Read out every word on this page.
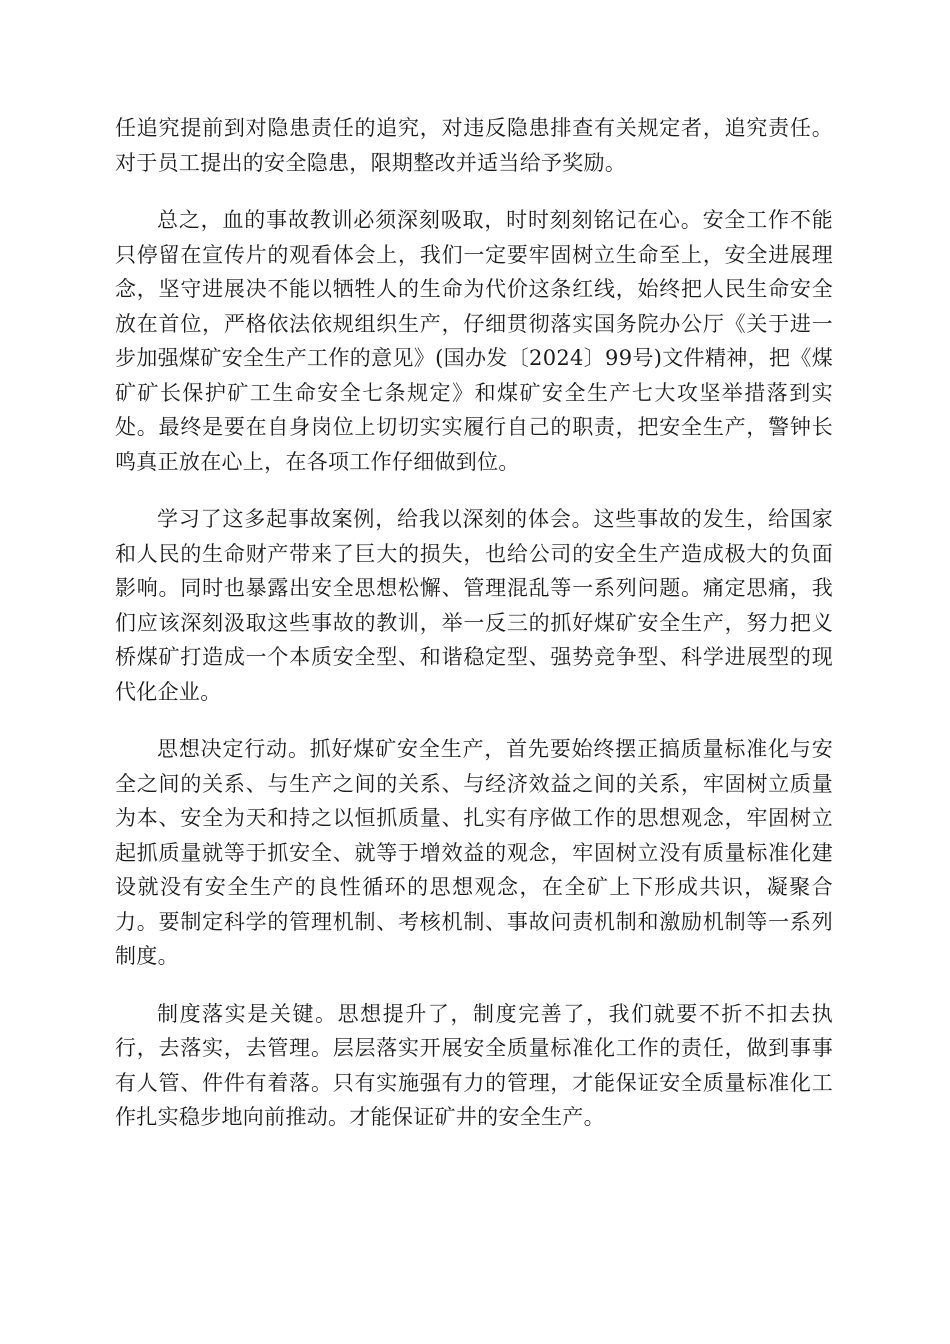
任追究提前到对隐患责任的追究，对违反隐患排查有关规定者，追究责任。对于员工提出的安全隐患，限期整改并适当给予奖励。

总之，血的事故教训必须深刻吸取，时时刻刻铭记在心。安全工作不能只停留在宣传片的观看体会上，我们一定要牢固树立生命至上，安全进展理念，坚守进展决不能以牺牲人的生命为代价这条红线，始终把人民生命安全放在首位，严格依法依规组织生产，仔细贯彻落实国务院办公厅《关于进一步加强煤矿安全生产工作的意见》(国办发〔2024〕99号)文件精神，把《煤矿矿长保护矿工生命安全七条规定》和煤矿安全生产七大攻坚举措落到实处。最终是要在自身岗位上切切实实履行自己的职责，把安全生产，警钟长鸣真正放在心上，在各项工作仔细做到位。

学习了这多起事故案例，给我以深刻的体会。这些事故的发生，给国家和人民的生命财产带来了巨大的损失，也给公司的安全生产造成极大的负面影响。同时也暴露出安全思想松懈、管理混乱等一系列问题。痛定思痛，我们应该深刻汲取这些事故的教训，举一反三的抓好煤矿安全生产，努力把义桥煤矿打造成一个本质安全型、和谐稳定型、强势竞争型、科学进展型的现代化企业。

思想决定行动。抓好煤矿安全生产，首先要始终摆正搞质量标准化与安全之间的关系、与生产之间的关系、与经济效益之间的关系，牢固树立质量为本、安全为天和持之以恒抓质量、扎实有序做工作的思想观念，牢固树立起抓质量就等于抓安全、就等于增效益的观念，牢固树立没有质量标准化建设就没有安全生产的良性循环的思想观念，在全矿上下形成共识，凝聚合力。要制定科学的管理机制、考核机制、事故问责机制和激励机制等一系列制度。

制度落实是关键。思想提升了，制度完善了，我们就要不折不扣去执行，去落实，去管理。层层落实开展安全质量标准化工作的责任，做到事事有人管、件件有着落。只有实施强有力的管理，才能保证安全质量标准化工作扎实稳步地向前推动。才能保证矿井的安全生产。
